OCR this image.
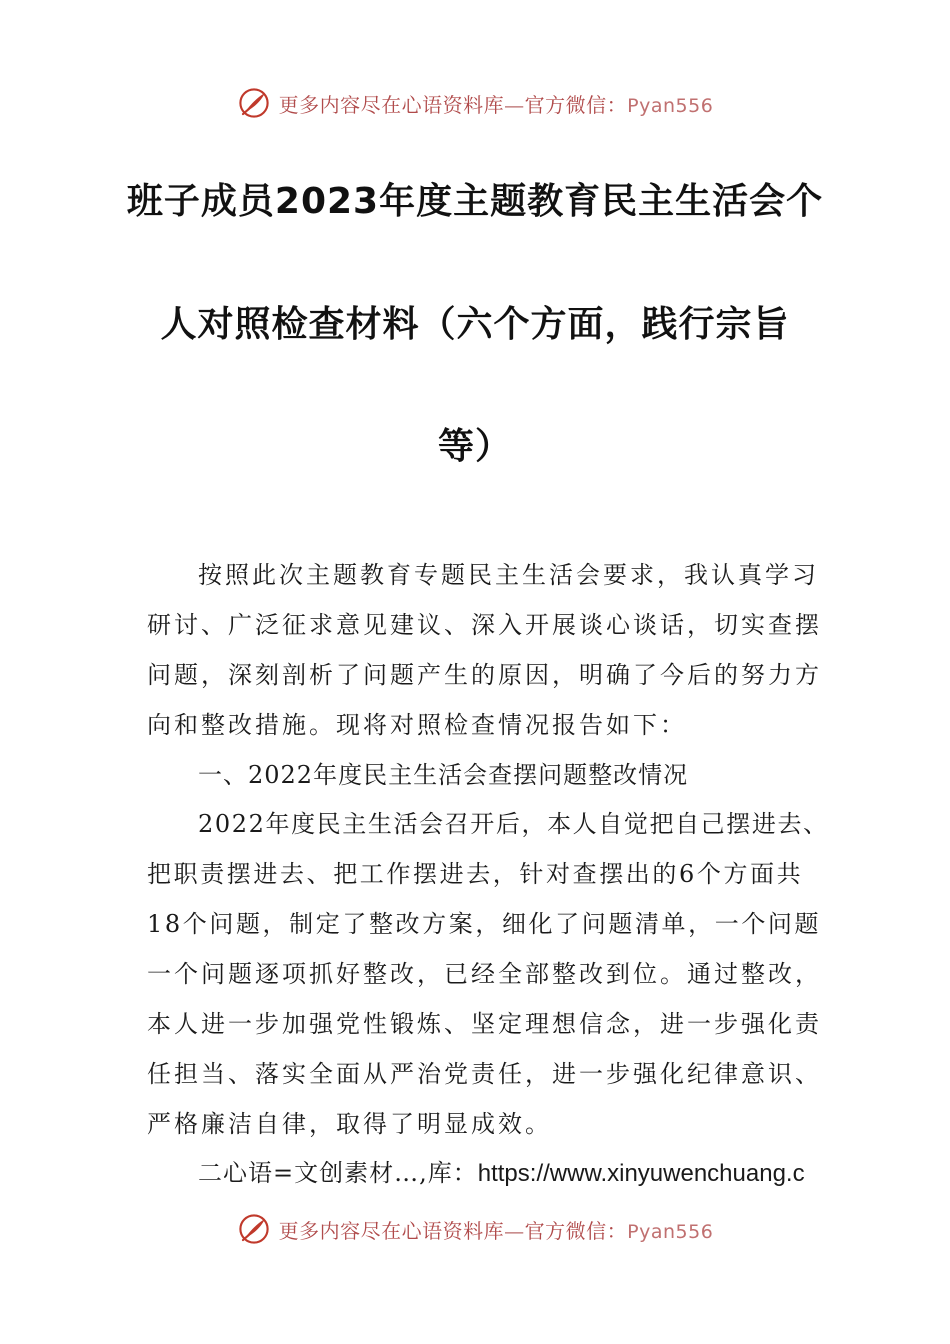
更多内容尽在心语资料库—官方微信：Pyan556
班子成员2023年度主题教育民主生活会个
人对照检查材料（六个方面，践行宗旨
等）
按照此次主题教育专题民主生活会要求，我认真学习
研讨、广泛征求意见建议、深入开展谈心谈话，切实查摆
问题，深刻剖析了问题产生的原因，明确了今后的努力方
向和整改措施。现将对照检查情况报告如下：
一、2022年度民主生活会查摆问题整改情况
2022年度民主生活会召开后，本人自觉把自己摆进去、
把职责摆进去、把工作摆进去，针对查摆出的6个方面共
18个问题，制定了整改方案，细化了问题清单，一个问题
一个问题逐项抓好整改，已经全部整改到位。通过整改，
本人进一步加强党性锻炼、坚定理想信念，进一步强化责
任担当、落实全面从严治党责任，进一步强化纪律意识、
严格廉洁自律，取得了明显成效。
二心语=文创素材…,库：https://www.xinyuwenchuang.c
更多内容尽在心语资料库—官方微信：Pyan556
